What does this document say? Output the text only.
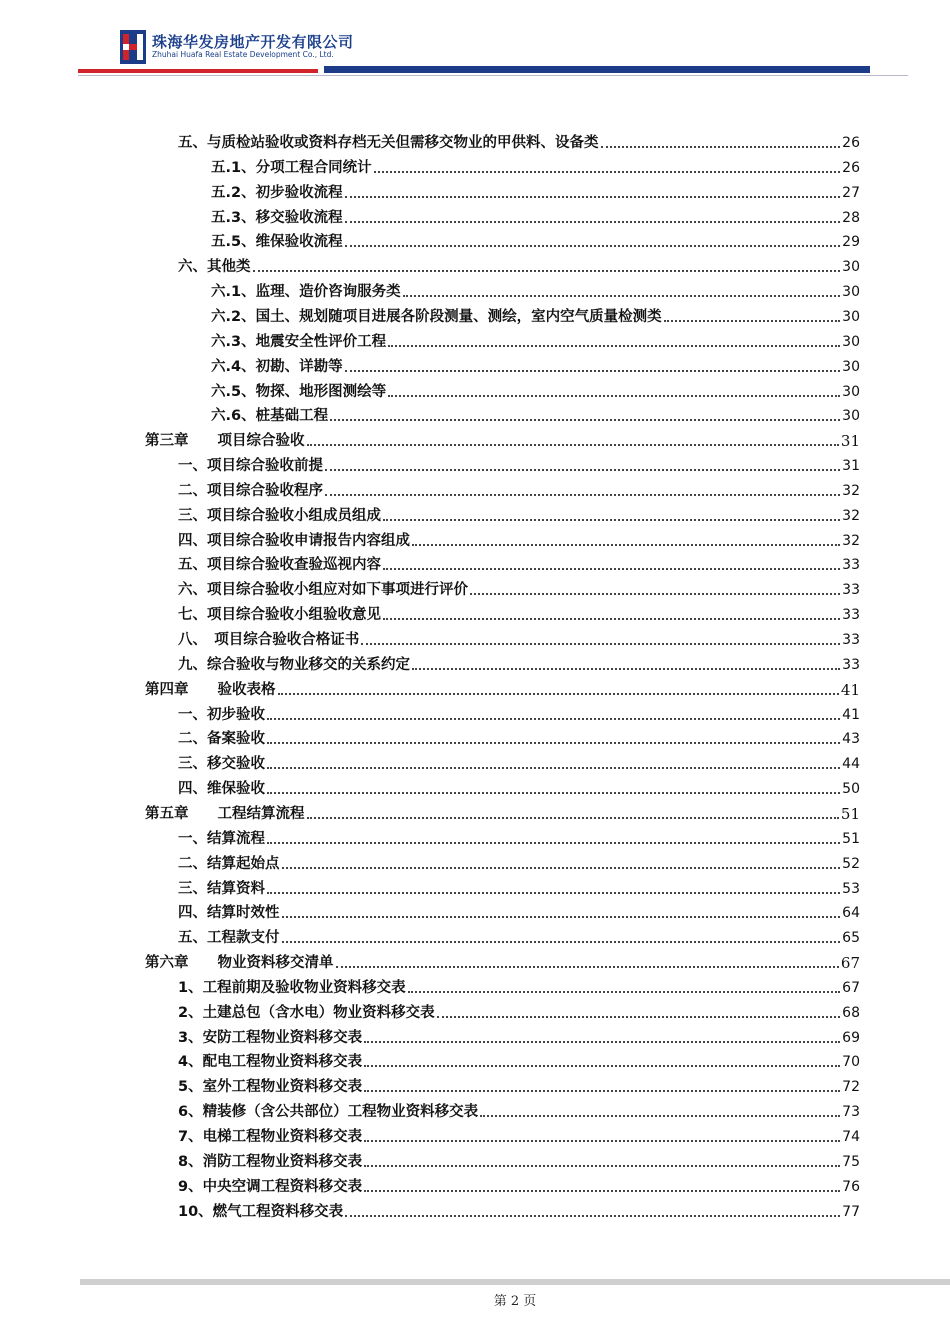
珠海华发房地产开发有限公司
Zhuhai Huafa Real Estate Development Co., Ltd.
五、与质检站验收或资料存档无关但需移交物业的甲供料、设备类	26
五.1、分项工程合同统计	26
五.2、初步验收流程	27
五.3、移交验收流程	28
五.5、维保验收流程	29
六、其他类	30
六.1、监理、造价咨询服务类	30
六.2、国土、规划随项目进展各阶段测量、测绘，室内空气质量检测类	30
六.3、地震安全性评价工程	30
六.4、初勘、详勘等	30
六.5、物探、地形图测绘等	30
六.6、桩基础工程	30
第三章　　项目综合验收	31
一、项目综合验收前提	31
二、项目综合验收程序	32
三、项目综合验收小组成员组成	32
四、项目综合验收申请报告内容组成	32
五、项目综合验收查验巡视内容	33
六、项目综合验收小组应对如下事项进行评价	33
七、项目综合验收小组验收意见	33
八、　项目综合验收合格证书	33
九、综合验收与物业移交的关系约定	33
第四章　　验收表格	41
一、初步验收	41
二、备案验收	43
三、移交验收	44
四、维保验收	50
第五章　　工程结算流程	51
一、结算流程	51
二、结算起始点	52
三、结算资料	53
四、结算时效性	64
五、工程款支付	65
第六章　　物业资料移交清单	67
1、工程前期及验收物业资料移交表	67
2、土建总包（含水电）物业资料移交表	68
3、安防工程物业资料移交表	69
4、配电工程物业资料移交表	70
5、室外工程物业资料移交表	72
6、精装修（含公共部位）工程物业资料移交表	73
7、电梯工程物业资料移交表	74
8、消防工程物业资料移交表	75
9、中央空调工程资料移交表	76
10、燃气工程资料移交表	77
第 2 页
